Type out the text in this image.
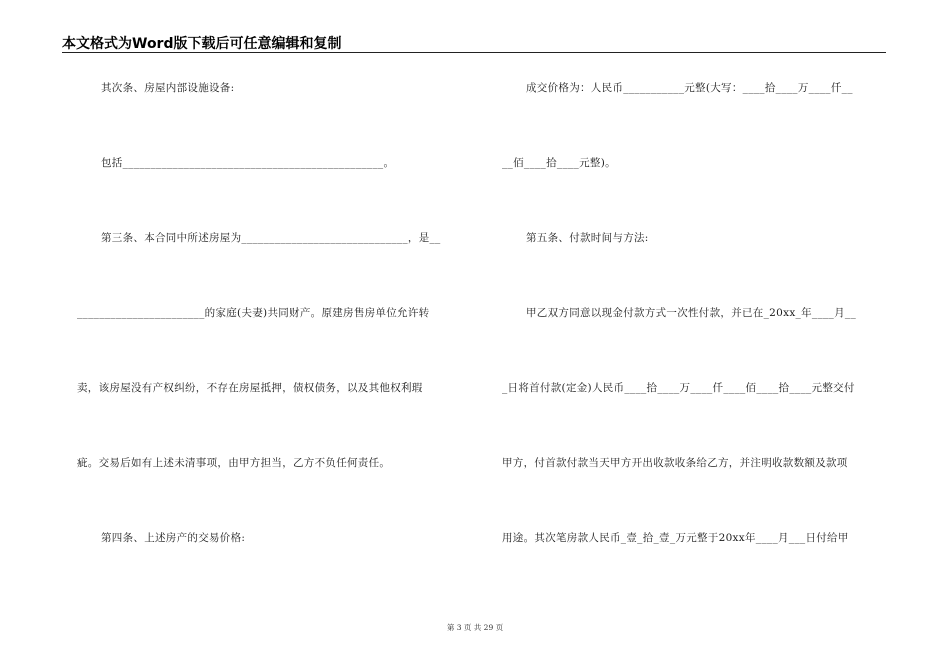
本文格式为Word版下载后可任意编辑和复制
其次条、房屋内部设施设备:
包括_______________________________________________。
第三条、本合同中所述房屋为______________________________，是__
_______________________的家庭(夫妻)共同财产。原建房售房单位允许转
卖，该房屋没有产权纠纷，不存在房屋抵押，债权债务，以及其他权利瑕
疵。交易后如有上述未清事项，由甲方担当，乙方不负任何责任。
第四条、上述房产的交易价格:
成交价格为：人民币___________元整(大写：____拾____万____仟__
__佰____拾____元整)。
第五条、付款时间与方法:
甲乙双方同意以现金付款方式一次性付款，并已在_20xx_年____月__
_日将首付款(定金)人民币____拾____万____仟____佰____拾____元整交付
甲方，付首款付款当天甲方开出收款收条给乙方，并注明收款数额及款项
用途。其次笔房款人民币_壹_拾_壹_万元整于20xx年____月___日付给甲
第 3 页 共 29 页
